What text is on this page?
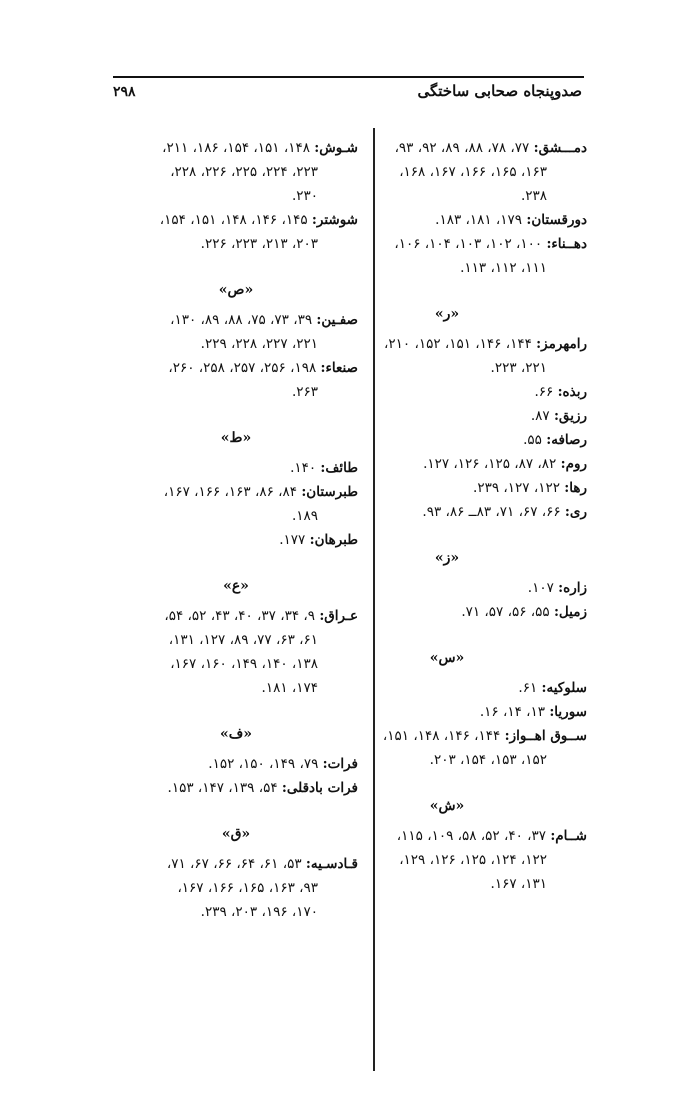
صدوپنجاه صحابی ساختگی
۲۹۸
دمـــشق: ۷۷، ۷۸، ۸۸، ۸۹، ۹۲، ۹۳،
۱۶۳، ۱۶۵، ۱۶۶، ۱۶۷، ۱۶۸،
۲۳۸.
دورقستان: ۱۷۹، ۱۸۱، ۱۸۳.
دهــناء: ۱۰۰، ۱۰۲، ۱۰۳، ۱۰۴، ۱۰۶،
۱۱۱، ۱۱۲، ۱۱۳.
«ر»
رامهرمز: ۱۴۴، ۱۴۶، ۱۵۱، ۱۵۲، ۲۱۰،
۲۲۱، ۲۲۳.
ربذه: ۶۶.
رزیق: ۸۷.
رصافه: ۵۵.
روم: ۸۲، ۸۷، ۱۲۵، ۱۲۶، ۱۲۷.
رها: ۱۲۲، ۱۲۷، ۲۳۹.
ری: ۶۶، ۶۷، ۷۱، ۸۳ــ ۸۶، ۹۳.
«ز»
زاره: ۱۰۷.
زمیل: ۵۵، ۵۶، ۵۷، ۷۱.
«س»
سلوکیه: ۶۱.
سوریا: ۱۳، ۱۴، ۱۶.
ســوق اهــواز: ۱۴۴، ۱۴۶، ۱۴۸، ۱۵۱،
۱۵۲، ۱۵۳، ۱۵۴، ۲۰۳.
«ش»
شــام: ۳۷، ۴۰، ۵۲، ۵۸، ۱۰۹، ۱۱۵،
۱۲۲، ۱۲۴، ۱۲۵، ۱۲۶، ۱۲۹،
۱۳۱، ۱۶۷.
شـوش: ۱۴۸، ۱۵۱، ۱۵۴، ۱۸۶، ۲۱۱،
۲۲۳، ۲۲۴، ۲۲۵، ۲۲۶، ۲۲۸،
۲۳۰.
شوشتر: ۱۴۵، ۱۴۶، ۱۴۸، ۱۵۱، ۱۵۴،
۲۰۳، ۲۱۳، ۲۲۳، ۲۲۶.
«ص»
صفـین: ۳۹، ۷۳، ۷۵، ۸۸، ۸۹، ۱۳۰،
۲۲۱، ۲۲۷، ۲۲۸، ۲۲۹.
صنعاء: ۱۹۸، ۲۵۶، ۲۵۷، ۲۵۸، ۲۶۰،
۲۶۳.
«ط»
طائف: ۱۴۰.
طبرستان: ۸۴، ۸۶، ۱۶۳، ۱۶۶، ۱۶۷،
۱۸۹.
طبرهان: ۱۷۷.
«ع»
عـراق: ۹، ۳۴، ۳۷، ۴۰، ۴۳، ۵۲، ۵۴،
۶۱، ۶۳، ۷۷، ۸۹، ۱۲۷، ۱۳۱،
۱۳۸، ۱۴۰، ۱۴۹، ۱۶۰، ۱۶۷،
۱۷۴، ۱۸۱.
«ف»
فرات: ۷۹، ۱۴۹، ۱۵۰، ۱۵۲.
فرات بادقلی: ۵۴، ۱۳۹، ۱۴۷، ۱۵۳.
«ق»
قـادسـیه: ۵۳، ۶۱، ۶۴، ۶۶، ۶۷، ۷۱،
۹۳، ۱۶۳، ۱۶۵، ۱۶۶، ۱۶۷،
۱۷۰، ۱۹۶، ۲۰۳، ۲۳۹.
